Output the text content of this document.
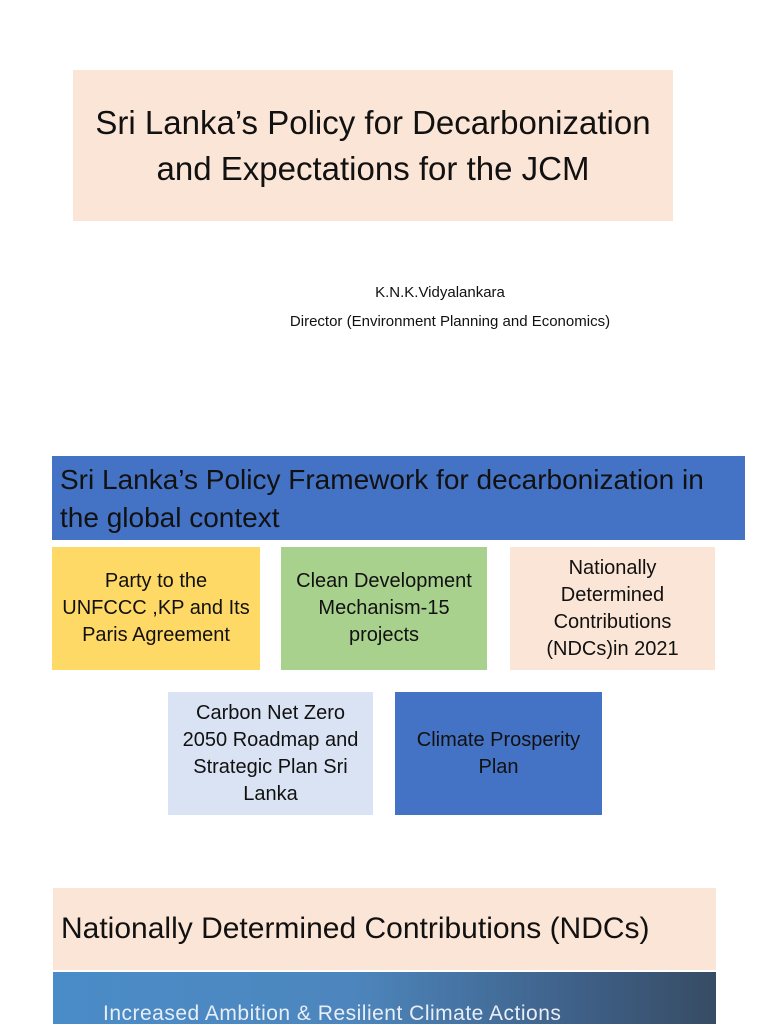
Sri Lanka’s Policy for Decarbonization and Expectations for the JCM
K.N.K.Vidyalankara
Director (Environment Planning and Economics)
Sri Lanka’s Policy Framework for decarbonization in the global context
Party to the UNFCCC ,KP and Its Paris Agreement
Clean Development Mechanism-15 projects
Nationally Determined Contributions (NDCs)in 2021
Carbon Net Zero 2050 Roadmap and Strategic Plan Sri Lanka
Climate Prosperity Plan
Nationally Determined Contributions (NDCs)
Increased Ambition & Resilient Climate Actions
